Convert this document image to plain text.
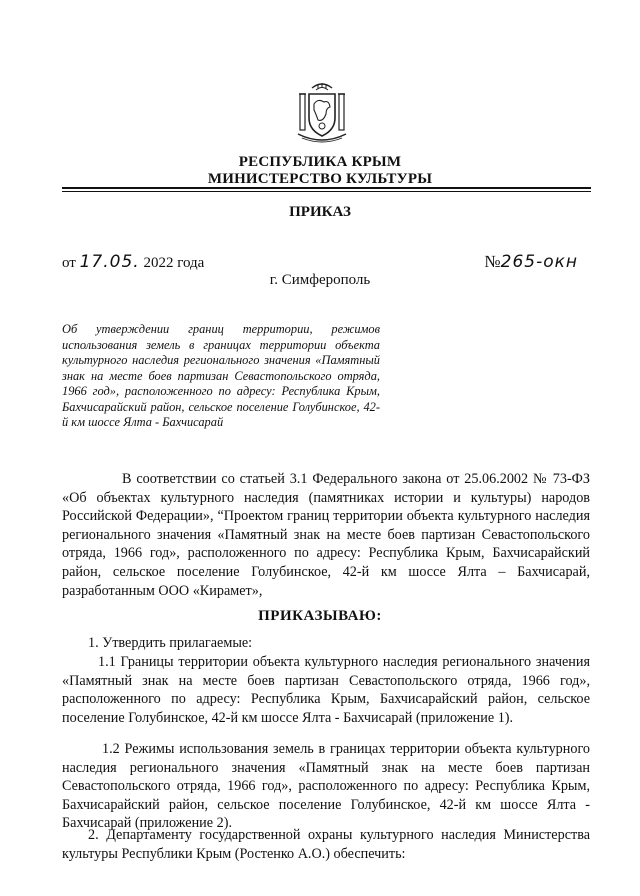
РЕСПУБЛИКА КРЫМ
МИНИСТЕРСТВО КУЛЬТУРЫ
ПРИКАЗ
от 17.05. 2022 года	№265-окн
г. Симферополь
Об утверждении границ территории, режимов использования земель в границах территории объекта культурного наследия регионального значения «Памятный знак на месте боев партизан Севастопольского отряда, 1966 год», расположенного по адресу: Республика Крым, Бахчисарайский район, сельское поселение Голубинское, 42-й км шоссе Ялта - Бахчисарай
В соответствии со статьей 3.1 Федерального закона от 25.06.2002 № 73-ФЗ «Об объектах культурного наследия (памятниках истории и культуры) народов Российской Федерации», “Проектом границ территории объекта культурного наследия регионального значения «Памятный знак на месте боев партизан Севастопольского отряда, 1966 год», расположенного по адресу: Республика Крым, Бахчисарайский район, сельское поселение Голубинское, 42-й км шоссе Ялта – Бахчисарай, разработанным ООО «Кирамет»,
ПРИКАЗЫВАЮ:
1. Утвердить прилагаемые:
1.1 Границы территории объекта культурного наследия регионального значения «Памятный знак на месте боев партизан Севастопольского отряда, 1966 год», расположенного по адресу: Республика Крым, Бахчисарайский район, сельское поселение Голубинское, 42-й км шоссе Ялта - Бахчисарай (приложение 1).
1.2 Режимы использования земель в границах территории объекта культурного наследия регионального значения «Памятный знак на месте боев партизан Севастопольского отряда, 1966 год», расположенного по адресу: Республика Крым, Бахчисарайский район, сельское поселение Голубинское, 42-й км шоссе Ялта - Бахчисарай (приложение 2).
2. Департаменту государственной охраны культурного наследия Министерства культуры Республики Крым (Ростенко А.О.) обеспечить:
